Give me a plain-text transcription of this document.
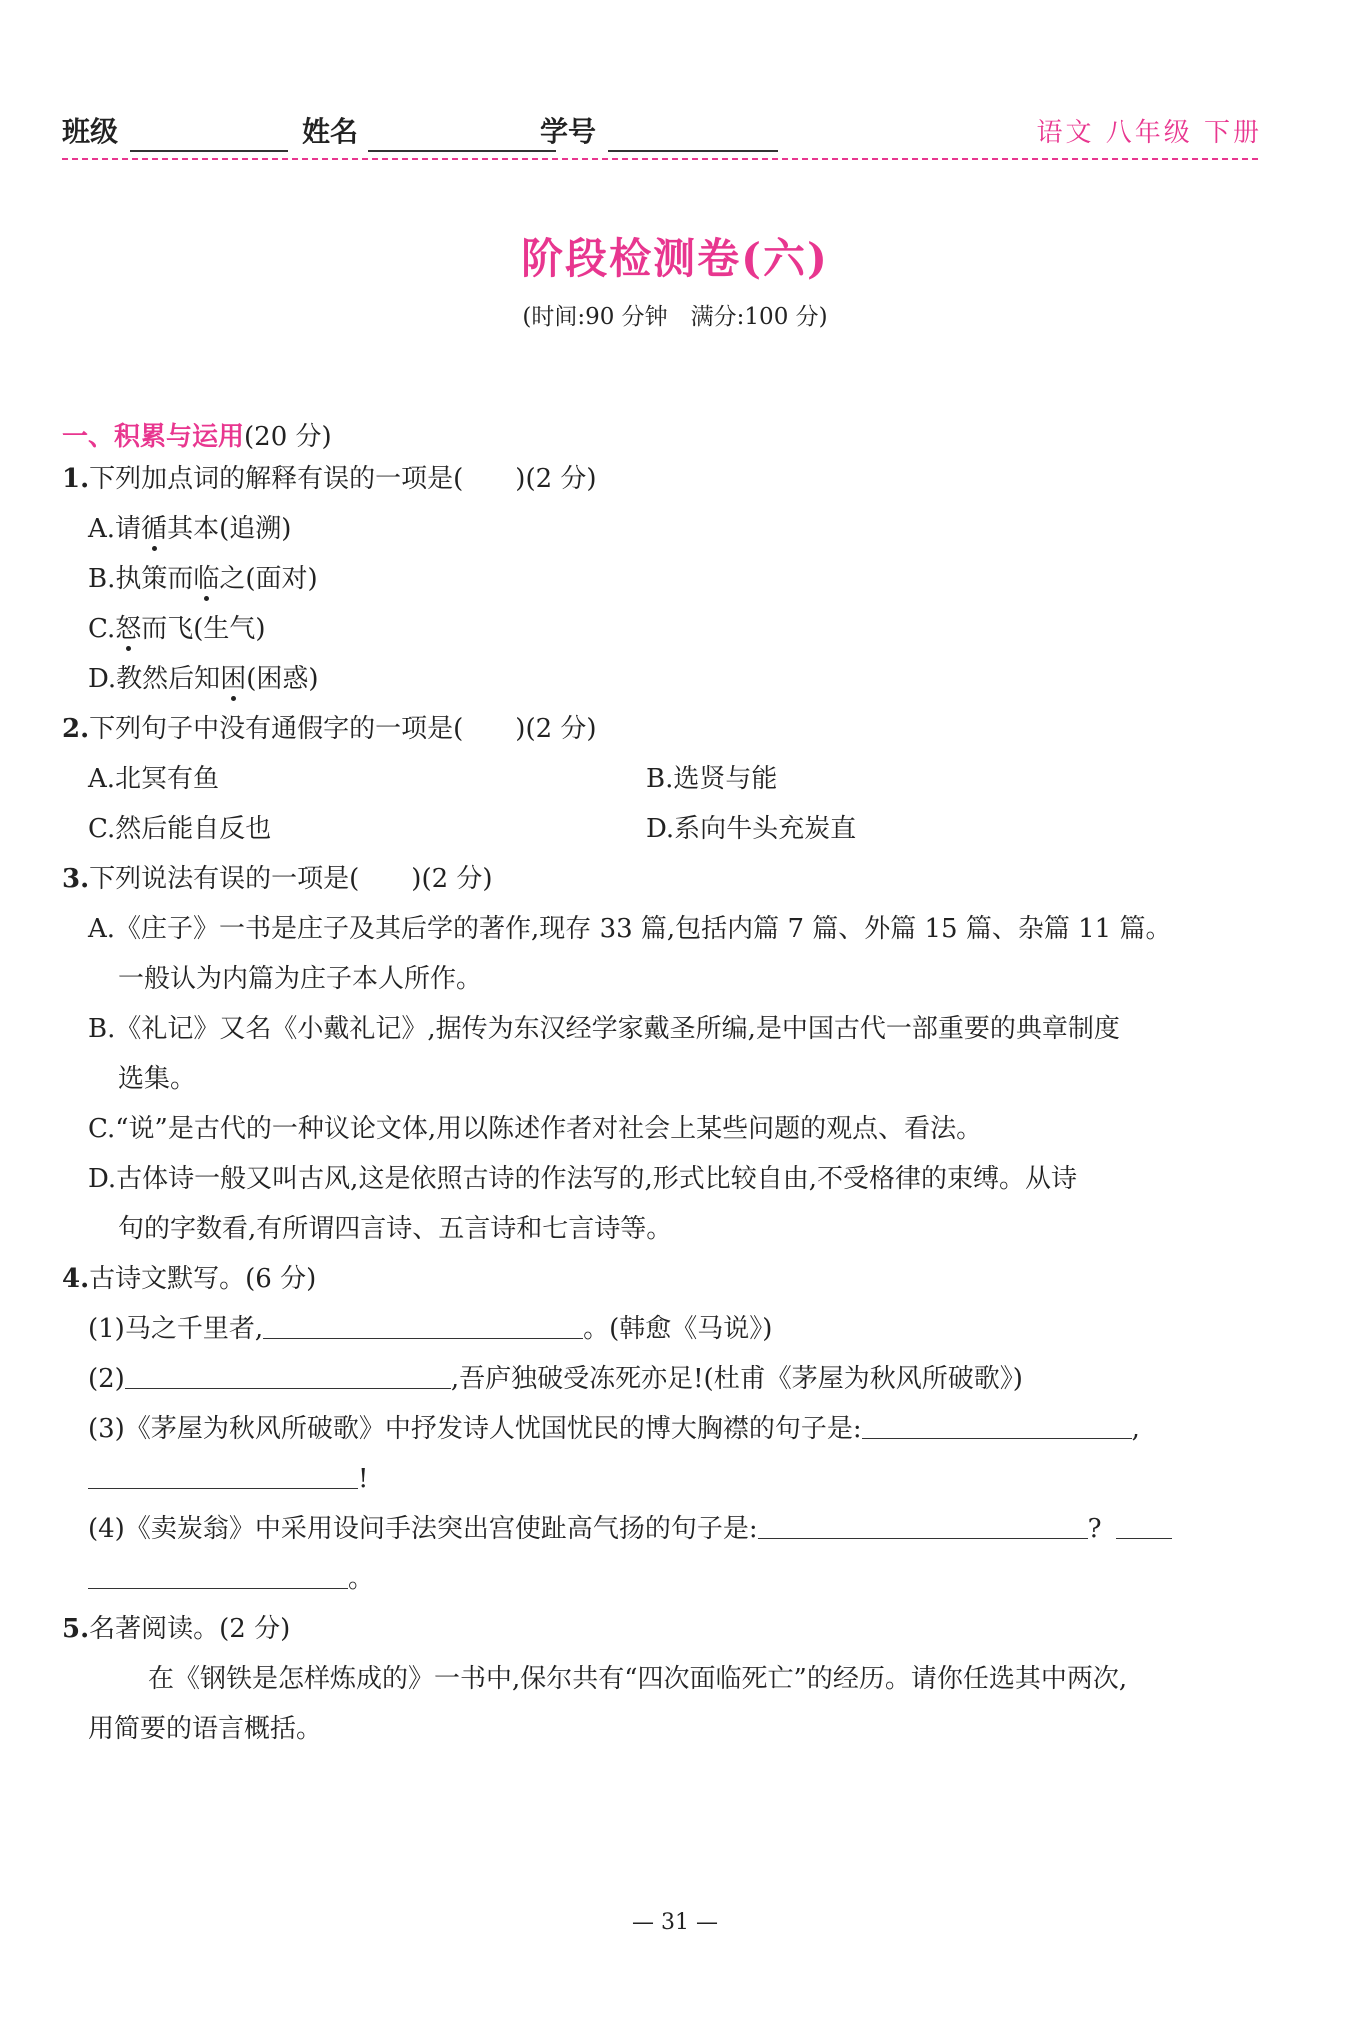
班级	姓名	学号	语文 八年级 下册
阶段检测卷(六)
(时间:90 分钟　满分:100 分)
一、积累与运用(20 分)
1.下列加点词的解释有误的一项是(　　)(2 分)
A.请循其本(追溯)
B.执策而临之(面对)
C.怒而飞(生气)
D.教然后知困(困惑)
2.下列句子中没有通假字的一项是(　　)(2 分)
A.北冥有鱼	B.选贤与能
C.然后能自反也	D.系向牛头充炭直
3.下列说法有误的一项是(　　)(2 分)
A.《庄子》一书是庄子及其后学的著作,现存 33 篇,包括内篇 7 篇、外篇 15 篇、杂篇 11 篇。
一般认为内篇为庄子本人所作。
B.《礼记》又名《小戴礼记》,据传为东汉经学家戴圣所编,是中国古代一部重要的典章制度
选集。
C.“说”是古代的一种议论文体,用以陈述作者对社会上某些问题的观点、看法。
D.古体诗一般又叫古风,这是依照古诗的作法写的,形式比较自由,不受格律的束缚。从诗
句的字数看,有所谓四言诗、五言诗和七言诗等。
4.古诗文默写。(6 分)
(1)马之千里者,	。(韩愈《马说》)
(2)	,吾庐独破受冻死亦足!(杜甫《茅屋为秋风所破歌》)
(3)《茅屋为秋风所破歌》中抒发诗人忧国忧民的博大胸襟的句子是:	,
!
(4)《卖炭翁》中采用设问手法突出宫使趾高气扬的句子是:	?
。
5.名著阅读。(2 分)
在《钢铁是怎样炼成的》一书中,保尔共有“四次面临死亡”的经历。请你任选其中两次,
用简要的语言概括。
— 31 —
